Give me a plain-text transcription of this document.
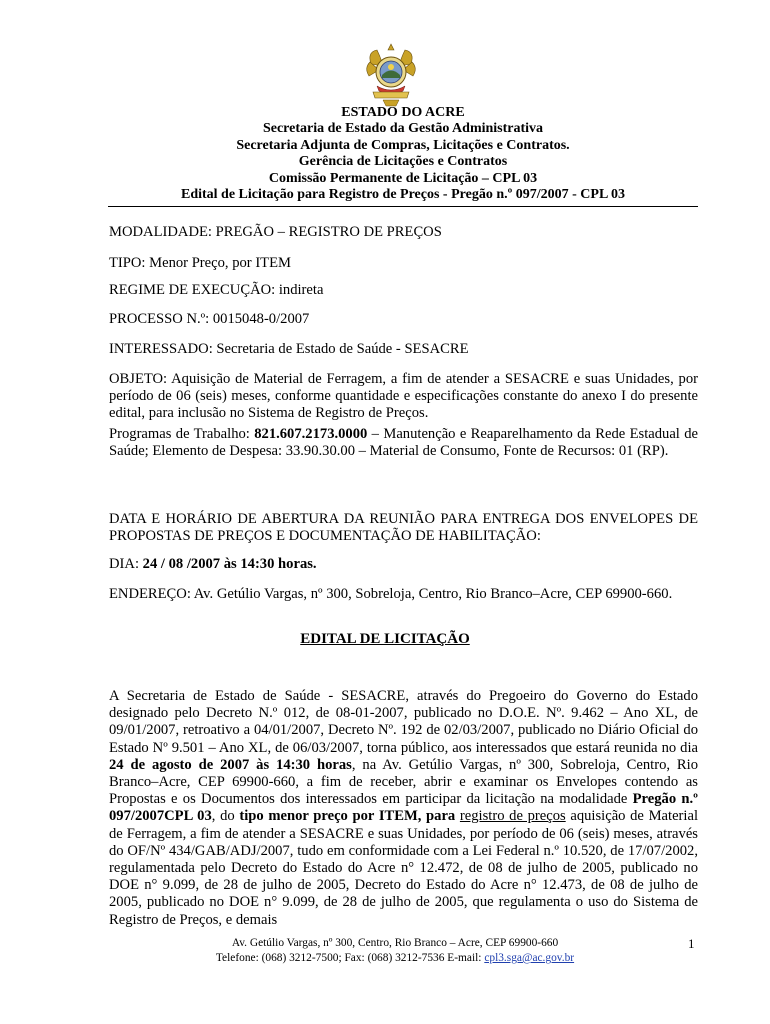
ESTADO DO ACRE
Secretaria de Estado da Gestão Administrativa
Secretaria Adjunta de Compras, Licitações e Contratos.
Gerência de Licitações e Contratos
Comissão Permanente de Licitação – CPL 03
Edital de Licitação para Registro de Preços - Pregão n.º 097/2007 - CPL 03

MODALIDADE: PREGÃO – REGISTRO DE PREÇOS

TIPO: Menor Preço, por ITEM

REGIME DE EXECUÇÃO: indireta

PROCESSO N.º: 0015048-0/2007

INTERESSADO: Secretaria de Estado de Saúde - SESACRE

OBJETO: Aquisição de Material de Ferragem, a fim de atender a SESACRE e suas Unidades, por período de 06 (seis) meses, conforme quantidade e especificações constante do anexo I do presente edital, para inclusão no Sistema de Registro de Preços.

Programas de Trabalho: 821.607.2173.0000 – Manutenção e Reaparelhamento da Rede Estadual de Saúde; Elemento de Despesa: 33.90.30.00 – Material de Consumo, Fonte de Recursos: 01 (RP).

DATA E HORÁRIO DE ABERTURA DA REUNIÃO PARA ENTREGA DOS ENVELOPES DE PROPOSTAS DE PREÇOS E DOCUMENTAÇÃO DE HABILITAÇÃO:

DIA: 24 / 08 /2007 às 14:30 horas.

ENDEREÇO: Av. Getúlio Vargas, nº 300, Sobreloja, Centro, Rio Branco–Acre, CEP 69900-660.

EDITAL DE LICITAÇÃO

A Secretaria de Estado de Saúde - SESACRE, através do Pregoeiro do Governo do Estado designado pelo Decreto N.º 012, de 08-01-2007, publicado no D.O.E. Nº. 9.462 – Ano XL, de 09/01/2007, retroativo a 04/01/2007, Decreto Nº. 192 de 02/03/2007, publicado no Diário Oficial do Estado Nº 9.501 – Ano XL, de 06/03/2007, torna público, aos interessados que estará reunida no dia 24 de agosto de 2007 às 14:30 horas, na Av. Getúlio Vargas, nº 300, Sobreloja, Centro, Rio Branco–Acre, CEP 69900-660, a fim de receber, abrir e examinar os Envelopes contendo as Propostas e os Documentos dos interessados em participar da licitação na modalidade Pregão n.º 097/2007CPL 03, do tipo menor preço por ITEM, para registro de preços aquisição de Material de Ferragem, a fim de atender a SESACRE e suas Unidades, por período de 06 (seis) meses, através do OF/Nº 434/GAB/ADJ/2007, tudo em conformidade com a Lei Federal n.º 10.520, de 17/07/2002, regulamentada pelo Decreto do Estado do Acre n° 12.472, de 08 de julho de 2005, publicado no DOE n° 9.099, de 28 de julho de 2005, Decreto do Estado do Acre n° 12.473, de 08 de julho de 2005, publicado no DOE n° 9.099, de 28 de julho de 2005, que regulamenta o uso do Sistema de Registro de Preços, e demais

Av. Getúlio Vargas, nº 300, Centro, Rio Branco – Acre, CEP 69900-660
Telefone: (068) 3212-7500; Fax: (068) 3212-7536 E-mail: cpl3.sga@ac.gov.br
1
